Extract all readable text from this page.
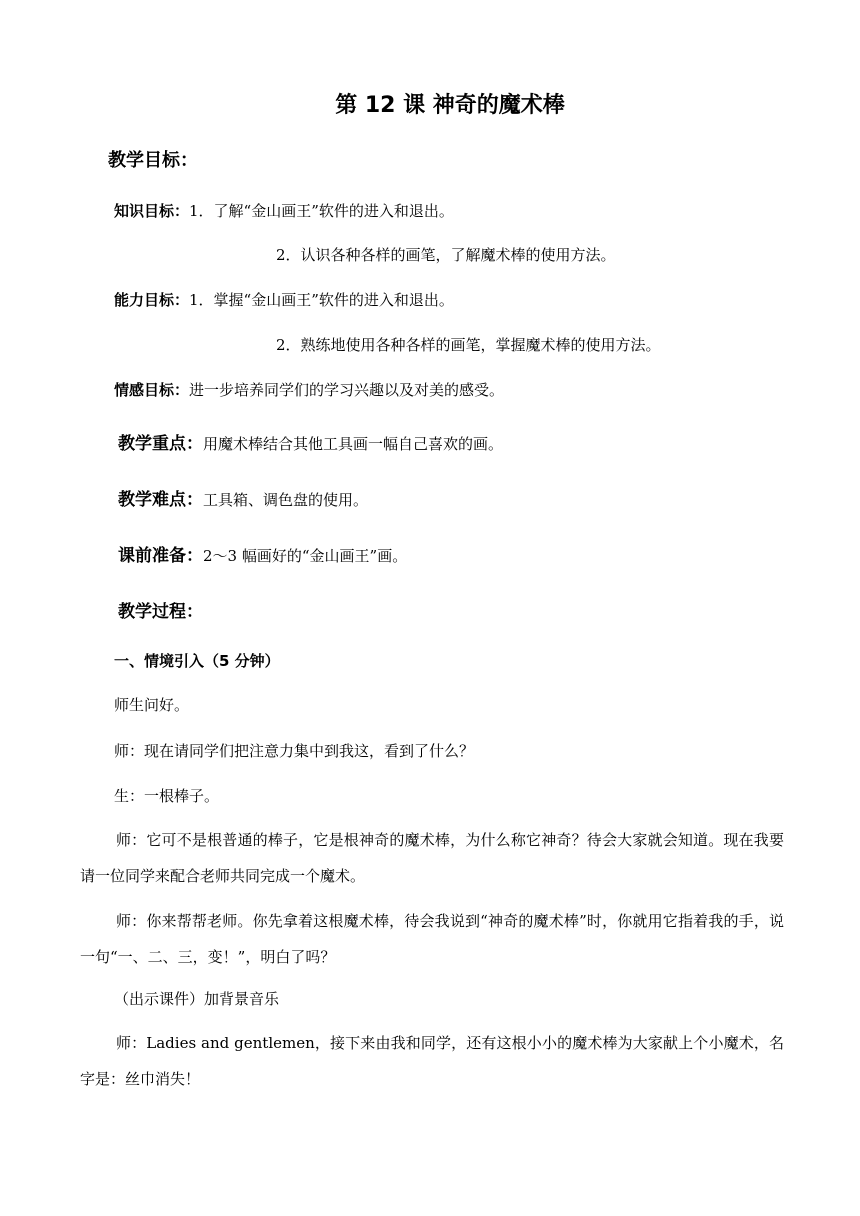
第 12 课 神奇的魔术棒
教学目标：
知识目标：1．了解“金山画王”软件的进入和退出。
2．认识各种各样的画笔，了解魔术棒的使用方法。
能力目标：1．掌握“金山画王”软件的进入和退出。
2．熟练地使用各种各样的画笔，掌握魔术棒的使用方法。
情感目标：进一步培养同学们的学习兴趣以及对美的感受。
教学重点：用魔术棒结合其他工具画一幅自己喜欢的画。
教学难点：工具箱、调色盘的使用。
课前准备：2～3 幅画好的“金山画王”画。
教学过程：
一、情境引入（5 分钟）
师生问好。
师：现在请同学们把注意力集中到我这，看到了什么？
生：一根棒子。
师：它可不是根普通的棒子，它是根神奇的魔术棒，为什么称它神奇？待会大家就会知道。现在我要请一位同学来配合老师共同完成一个魔术。
师：你来帮帮老师。你先拿着这根魔术棒，待会我说到“神奇的魔术棒”时，你就用它指着我的手，说一句“一、二、三，变！”，明白了吗？
（出示课件）加背景音乐
师：Ladies and gentlemen，接下来由我和同学，还有这根小小的魔术棒为大家献上个小魔术，名字是：丝巾消失！
